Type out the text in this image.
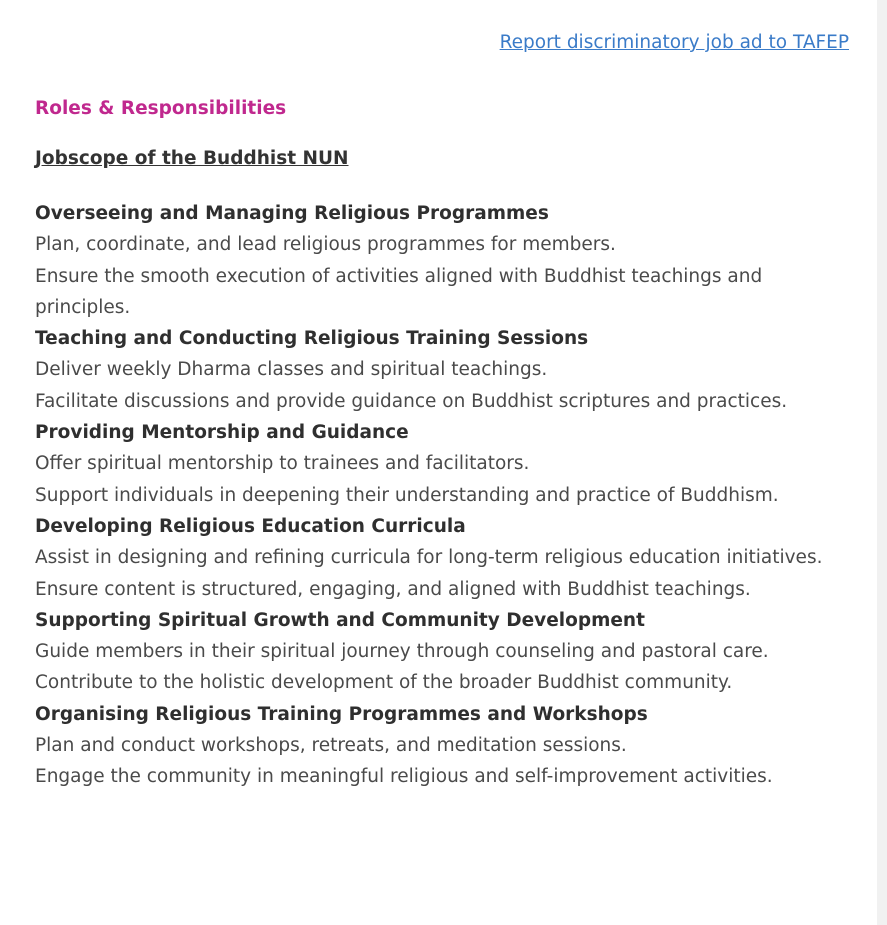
Report discriminatory job ad to TAFEP
Roles & Responsibilities
Jobscope of the Buddhist NUN
Overseeing and Managing Religious Programmes
Plan, coordinate, and lead religious programmes for members.
Ensure the smooth execution of activities aligned with Buddhist teachings and principles.
Teaching and Conducting Religious Training Sessions
Deliver weekly Dharma classes and spiritual teachings.
Facilitate discussions and provide guidance on Buddhist scriptures and practices.
Providing Mentorship and Guidance
Offer spiritual mentorship to trainees and facilitators.
Support individuals in deepening their understanding and practice of Buddhism.
Developing Religious Education Curricula
Assist in designing and refining curricula for long-term religious education initiatives.
Ensure content is structured, engaging, and aligned with Buddhist teachings.
Supporting Spiritual Growth and Community Development
Guide members in their spiritual journey through counseling and pastoral care.
Contribute to the holistic development of the broader Buddhist community.
Organising Religious Training Programmes and Workshops
Plan and conduct workshops, retreats, and meditation sessions.
Engage the community in meaningful religious and self-improvement activities.
